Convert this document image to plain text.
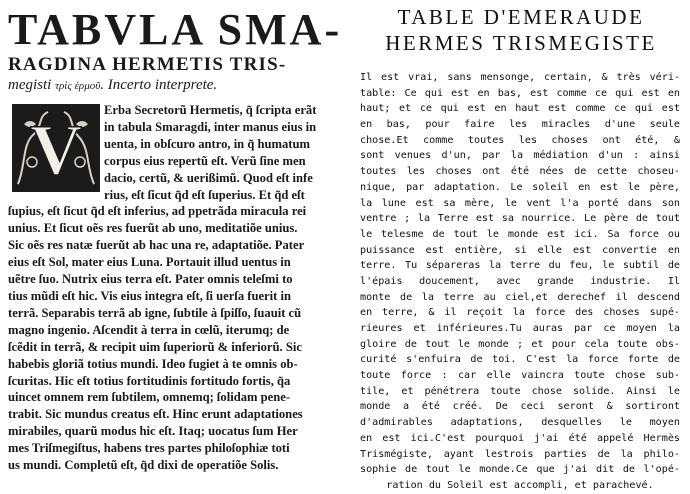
TABVLA SMA-
RAGDINA HERMETIS TRIS-
megisti τρὶς ἑρμοῦ. Incerto interprete.
Erba Secretorũ Hermetis, q̃ ſcripta erãt
in tabula Smaragdi, inter manus eius in
uenta, in obſcuro antro, in q̃ humatum
corpus eius repertũ eſt. Verũ ſine men
dacio, certũ, & uerißimũ. Quod eſt infe
rius, eſt ſicut q̃d eſt ſuperius. Et q̃d eſt
ſupius, eſt ſicut q̃d eſt inferius, ad ppetrãda miracula rei
unius. Et ſicut oẽs res fuerũt ab uno, meditatiõe unius.
Sic oẽs res natæ fuerũt ab hac una re, adaptatiõe. Pater
eius eſt Sol, mater eius Luna. Portauit illud uentus in
uẽtre ſuo. Nutrix eius terra eſt. Pater omnis teleſmi to
tius mũdi eſt hic. Vis eius integra eſt, ſi uerſa fuerit in
terrã. Separabis terrã ab igne, ſubtile à ſpiſſo, ſuauit cũ
magno ingenio. Aſcendit à terra in cœlũ, iterumq; de
ſcẽdit in terrã, & recipit uim ſuperiorũ & inferiorũ. Sic
habebis gloriã totius mundi. Ideo fugiet à te omnis ob-
ſcuritas. Hic eſt totius fortitudinis fortitudo fortis, q̃a
uincet omnem rem ſubtilem, omnemq; ſolidam pene-
trabit. Sic mundus creatus eſt. Hinc erunt adaptationes
mirabiles, quarũ modus hic eſt. Itaq; uocatus ſum Her
mes Triſmegiſtus, habens tres partes philoſophiæ toti
us mundi. Completũ eſt, q̃d dixi de operatiõe Solis.
V
TABLE D'EMERAUDE
HERMES TRISMEGISTE
Il est vrai, sans mensonge, certain, & très véri-
table: Ce qui est en bas, est comme ce qui est en
haut; et ce qui est en haut est comme ce qui est
en bas, pour faire les miracles d'une seule
chose.Et comme toutes les choses ont été, &
sont venues d'un, par la médiation d'un : ainsi
toutes les choses ont été nées de cette choseu-
nique, par adaptation. Le soleil en est le père,
la lune est sa mère, le vent l'a porté dans son
ventre ; la Terre est sa nourrice. Le père de tout
le telesme de tout le monde est ici. Sa force ou
puissance est entière, si elle est convertie en
terre. Tu sépareras la terre du feu, le subtil de
l'épais doucement, avec grande industrie. Il
monte de la terre au ciel,et derechef il descend
en terre, & il reçoit la force des choses supé-
rieures et inférieures.Tu auras par ce moyen la
gloire de tout le monde ; et pour cela toute obs-
curité s'enfuira de toi. C'est la force forte de
toute force : car elle vaincra toute chose sub-
tile, et pénétrera toute chose solide. Ainsi le
monde a été créé. De ceci seront & sortiront
d'admirables adaptations, desquelles le moyen
en est ici.C'est pourquoi j'ai été appelé Hermès
Trismégiste, ayant lestrois parties de la philo-
sophie de tout le monde.Ce que j'ai dit de l'opé-
ration du Soleil est accompli, et parachevé.
